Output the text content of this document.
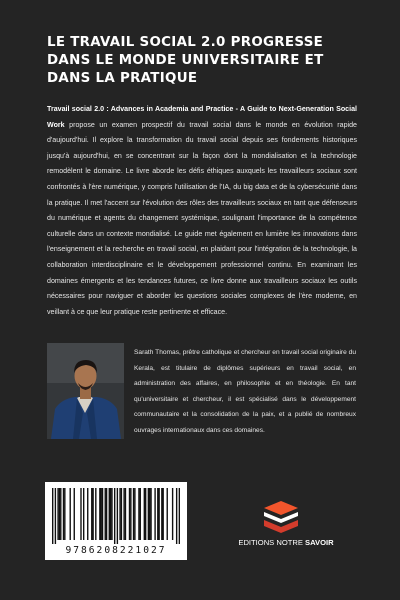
LE TRAVAIL SOCIAL 2.0 PROGRESSE
DANS LE MONDE UNIVERSITAIRE ET
DANS LA PRATIQUE

Travail social 2.0 : Advances in Academia and Practice - A Guide to Next-Generation Social Work propose un examen prospectif du travail social dans le monde en évolution rapide d'aujourd'hui. Il explore la transformation du travail social depuis ses fondements historiques jusqu'à aujourd'hui, en se concentrant sur la façon dont la mondialisation et la technologie remodèlent le domaine. Le livre aborde les défis éthiques auxquels les travailleurs sociaux sont confrontés à l'ère numérique, y compris l'utilisation de l'IA, du big data et de la cybersécurité dans la pratique. Il met l'accent sur l'évolution des rôles des travailleurs sociaux en tant que défenseurs du numérique et agents du changement systémique, soulignant l'importance de la compétence culturelle dans un contexte mondialisé. Le guide met également en lumière les innovations dans l'enseignement et la recherche en travail social, en plaidant pour l'intégration de la technologie, la collaboration interdisciplinaire et le développement professionnel continu. En examinant les domaines émergents et les tendances futures, ce livre donne aux travailleurs sociaux les outils nécessaires pour naviguer et aborder les questions sociales complexes de l'ère moderne, en veillant à ce que leur pratique reste pertinente et efficace.

Sarath Thomas, prêtre catholique et chercheur en travail social originaire du Kerala, est titulaire de diplômes supérieurs en travail social, en administration des affaires, en philosophie et en théologie. En tant qu'universitaire et chercheur, il est spécialisé dans le développement communautaire et la consolidation de la paix, et a publié de nombreux ouvrages internationaux dans ces domaines.

9786208221027
EDITIONS NOTRE SAVOIR
